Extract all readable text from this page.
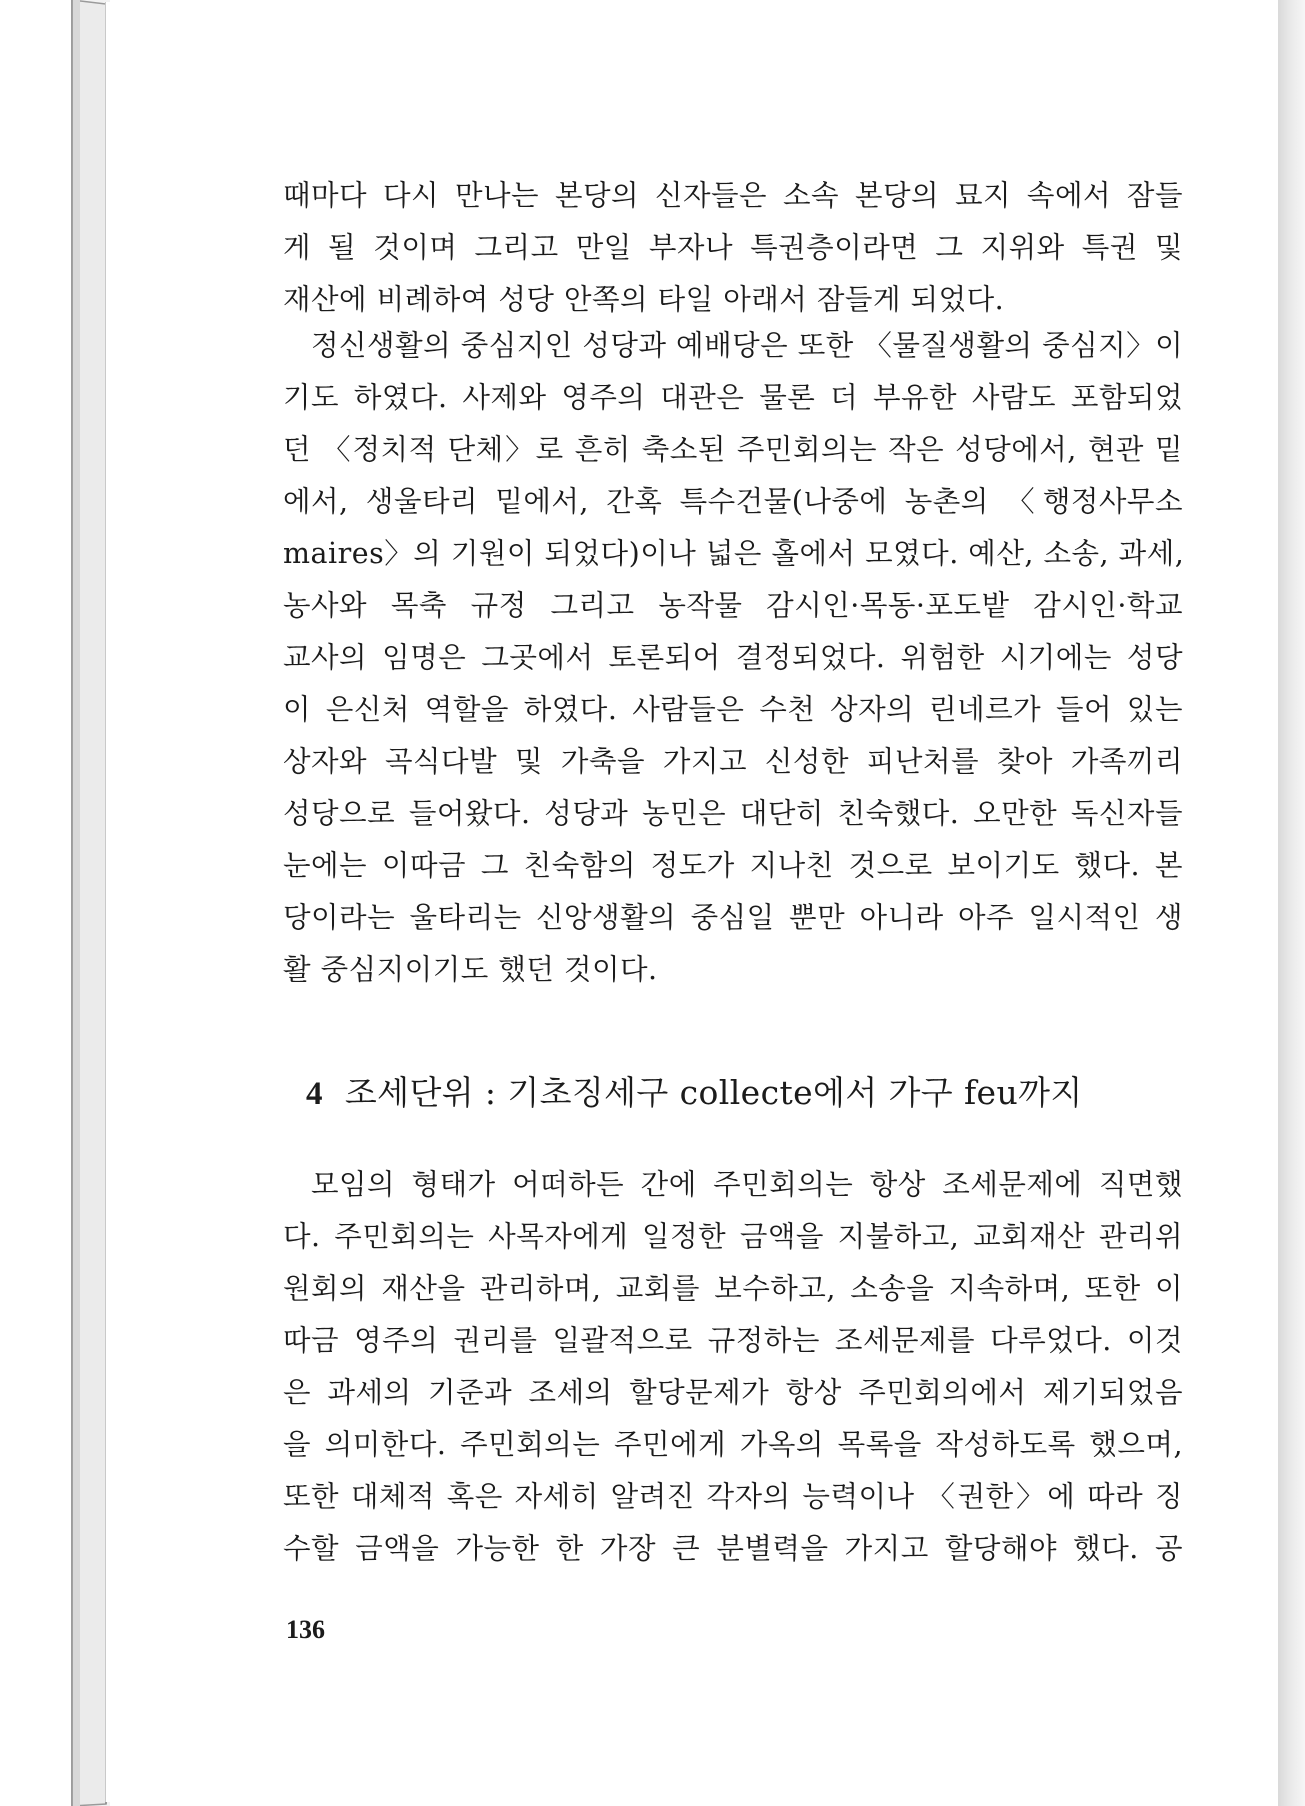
때마다 다시 만나는 본당의 신자들은 소속 본당의 묘지 속에서 잠들
게 될 것이며 그리고 만일 부자나 특권층이라면 그 지위와 특권 및
재산에 비례하여 성당 안쪽의 타일 아래서 잠들게 되었다.
정신생활의 중심지인 성당과 예배당은 또한 〈물질생활의 중심지〉이
기도 하였다. 사제와 영주의 대관은 물론 더 부유한 사람도 포함되었
던 〈정치적 단체〉로 흔히 축소된 주민회의는 작은 성당에서, 현관 밑
에서, 생울타리 밑에서, 간혹 특수건물(나중에 농촌의 〈행정사무소
maires〉의 기원이 되었다)이나 넓은 홀에서 모였다. 예산, 소송, 과세,
농사와 목축 규정 그리고 농작물 감시인·목동·포도밭 감시인·학교
교사의 임명은 그곳에서 토론되어 결정되었다. 위험한 시기에는 성당
이 은신처 역할을 하였다. 사람들은 수천 상자의 린네르가 들어 있는
상자와 곡식다발 및 가축을 가지고 신성한 피난처를 찾아 가족끼리
성당으로 들어왔다. 성당과 농민은 대단히 친숙했다. 오만한 독신자들
눈에는 이따금 그 친숙함의 정도가 지나친 것으로 보이기도 했다. 본
당이라는 울타리는 신앙생활의 중심일 뿐만 아니라 아주 일시적인 생
활 중심지이기도 했던 것이다.
4 조세단위 : 기초징세구 collecte에서 가구 feu까지
모임의 형태가 어떠하든 간에 주민회의는 항상 조세문제에 직면했
다. 주민회의는 사목자에게 일정한 금액을 지불하고, 교회재산 관리위
원회의 재산을 관리하며, 교회를 보수하고, 소송을 지속하며, 또한 이
따금 영주의 권리를 일괄적으로 규정하는 조세문제를 다루었다. 이것
은 과세의 기준과 조세의 할당문제가 항상 주민회의에서 제기되었음
을 의미한다. 주민회의는 주민에게 가옥의 목록을 작성하도록 했으며,
또한 대체적 혹은 자세히 알려진 각자의 능력이나 〈권한〉에 따라 징
수할 금액을 가능한 한 가장 큰 분별력을 가지고 할당해야 했다. 공
136
